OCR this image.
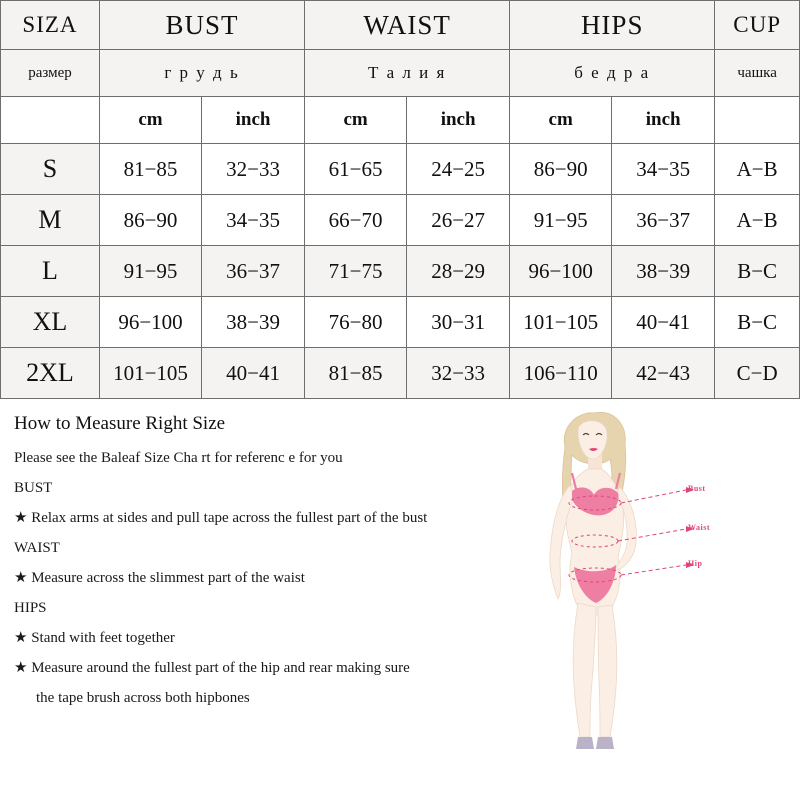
SIZA	BUST		WAIST		HIPS		CUP
размер	г р у д ь		Т а л и я		б е д р а		чашка
	cm	inch	cm	inch	cm	inch	
S	81−85	32−33	61−65	24−25	86−90	34−35	A−B
M	86−90	34−35	66−70	26−27	91−95	36−37	A−B
L	91−95	36−37	71−75	28−29	96−100	38−39	B−C
XL	96−100	38−39	76−80	30−31	101−105	40−41	B−C
2XL	101−105	40−41	81−85	32−33	106−110	42−43	C−D
How to Measure Right Size
Please see the Baleaf Size Cha rt for referenc e for you
BUST
★ Relax arms at sides and pull tape across the fullest part of the bust
WAIST
★ Measure across the slimmest part of the waist
HIPS
★ Stand with feet together
★ Measure around the fullest part of the hip and rear making sure
the tape brush across both hipbones
Bust
Waist
Hip
